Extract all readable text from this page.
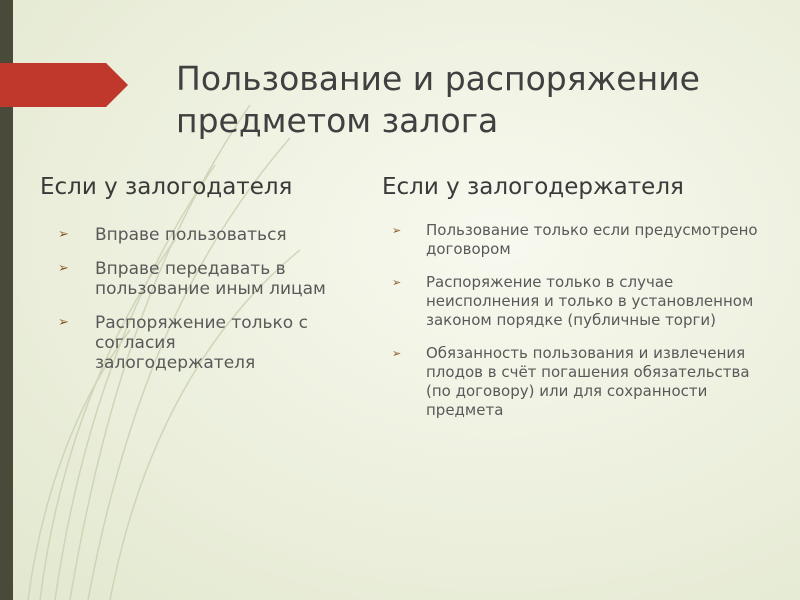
Пользование и распоряжение предметом залога
Если у залогодателя
➢ Вправе пользоваться
➢ Вправе передавать в пользование иным лицам
➢ Распоряжение только с согласия залогодержателя
Если у залогодержателя
➢ Пользование только если предусмотрено договором
➢ Распоряжение только в случае неисполнения и только в установленном законом порядке (публичные торги)
➢ Обязанность пользования и извлечения плодов в счёт погашения обязательства (по договору) или для сохранности предмета
